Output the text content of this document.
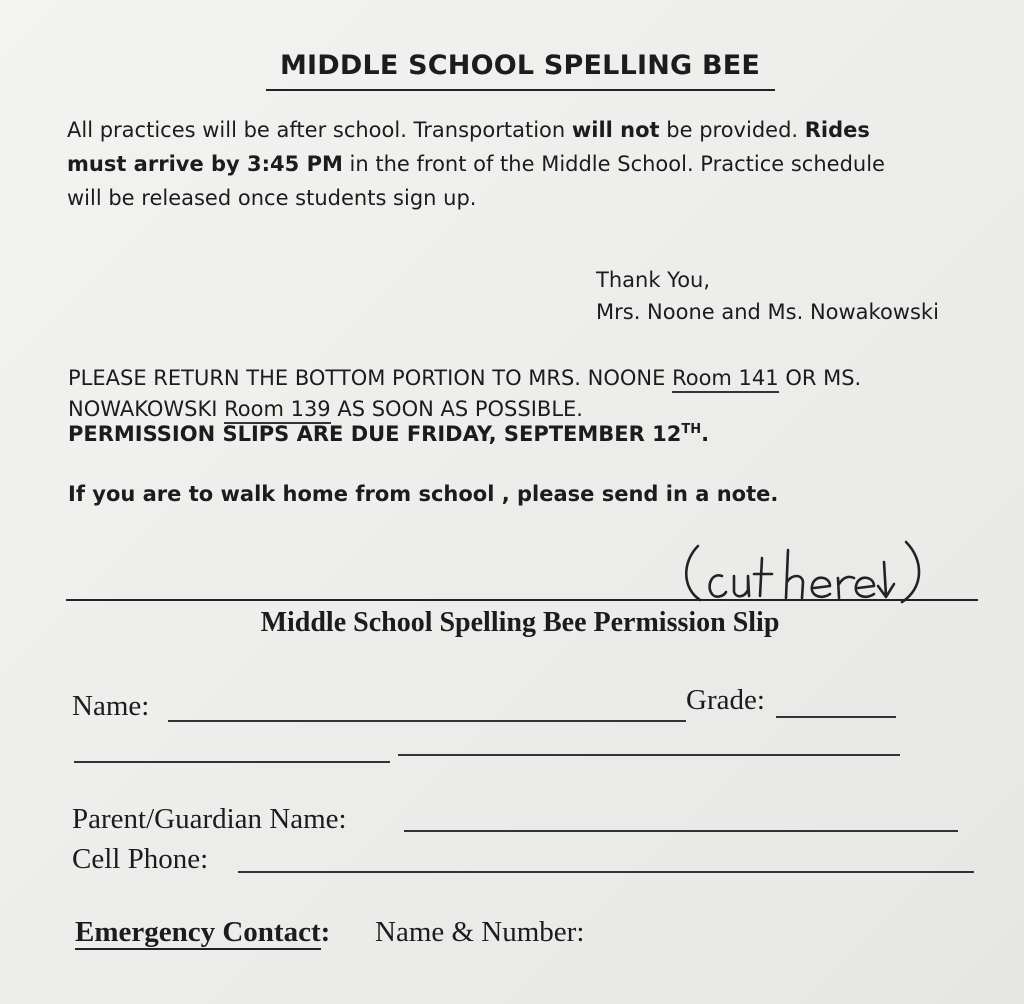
MIDDLE SCHOOL SPELLING BEE
All practices will be after school. Transportation will not be provided. Rides
must arrive by 3:45 PM in the front of the Middle School. Practice schedule
will be released once students sign up.
Thank You,
Mrs. Noone and Ms. Nowakowski
PLEASE RETURN THE BOTTOM PORTION TO MRS. NOONE Room 141 OR MS.
NOWAKOWSKI Room 139 AS SOON AS POSSIBLE.
PERMISSION SLIPS ARE DUE FRIDAY, SEPTEMBER 12TH.
If you are to walk home from school , please send in a note.
Middle School Spelling Bee Permission Slip
Name:	Grade:
Parent/Guardian Name:
Cell Phone:
Emergency Contact: Name & Number:
